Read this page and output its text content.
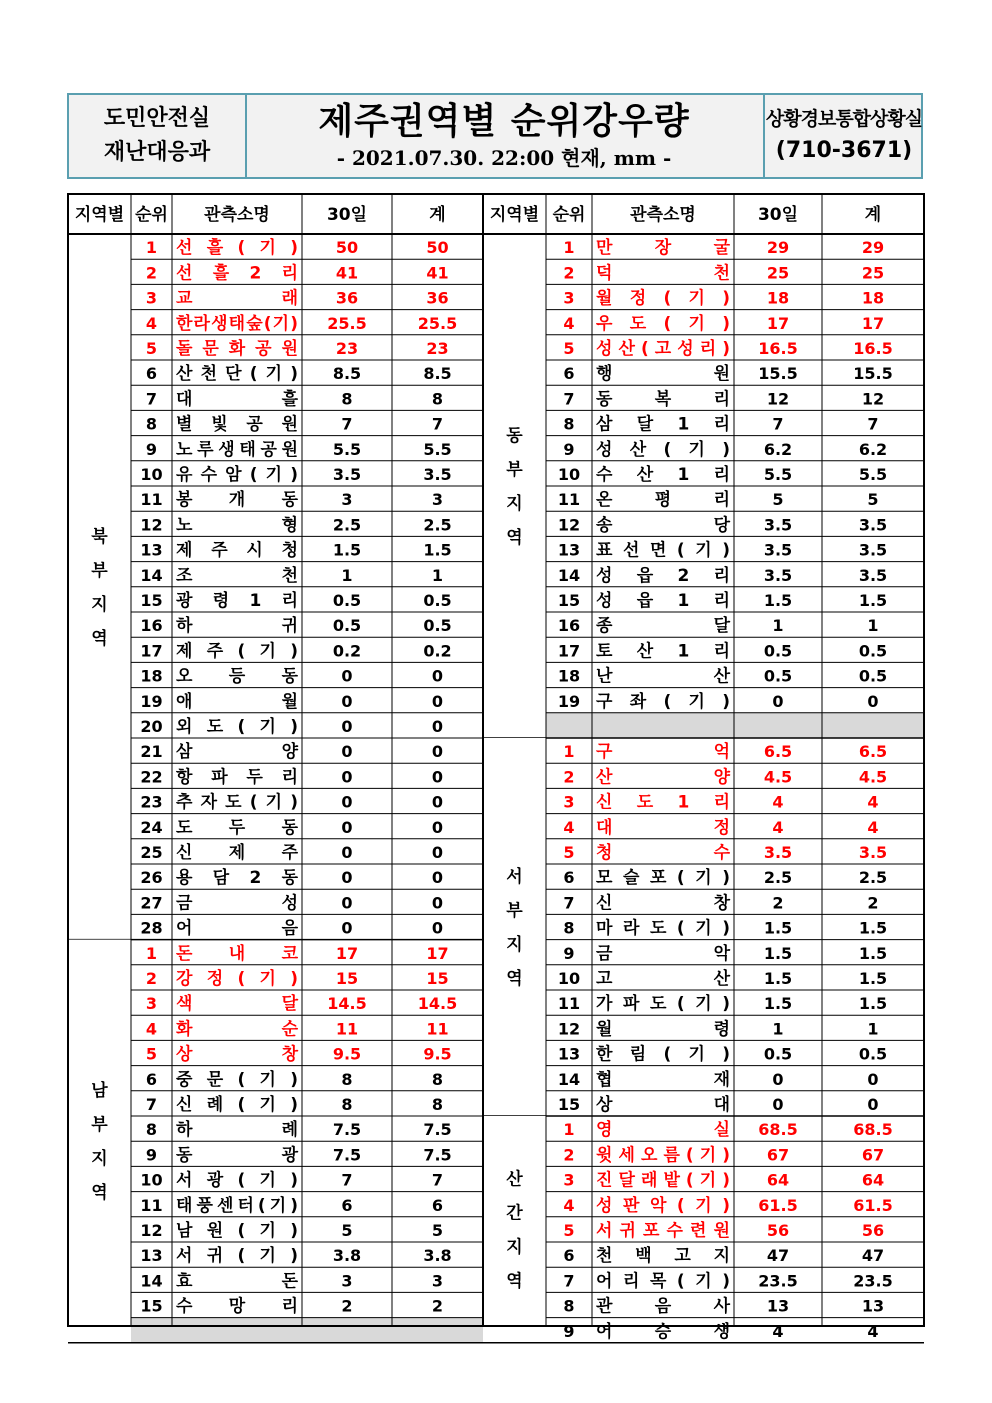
도민안전실
재난대응과
제주권역별 순위강우량
- 2021.07.30. 22:00 현재, mm -
상황경보통합상황실
(710-3671)
북
부
지
역
1 선흘(기) 50	50
2 선흘2리 41	41
3 교래 36	36
4 한라생태숲(기) 25.5	25.5
5 돌문화공원 23	23
6 산천단(기) 8.5	8.5
7 대흘	8	8
8 별빛공원	7	7
9 노루생태공원 5.5	5.5
10 유수암(기) 3.5	3.5
11 봉개동	3	3
12 노형 2.5	2.5
13 제주시청 1.5	1.5
14 조천	1	1
15 광령1리 0.5	0.5
16 하귀 0.5	0.5
17 제주(기) 0.2	0.2
18 오등동	0	0
19 애월	0	0
20 외도(기)	0	0
21 삼양	0	0
22 항파두리	0	0
23 추자도(기)	0	0
24 도두동	0	0
25 신제주	0	0
26 용담2동	0	0
27 금성	0	0
28 어음	0	0
남
부
지
역
1 돈내코 17	17
2 강정(기) 15	15
3 색달 14.5	14.5
4 화순 11	11
5 상창 9.5	9.5
6 중문(기)	8	8
7 신례(기)	8	8
8 하례 7.5	7.5
9 동광 7.5	7.5
10 서광(기)	7	7
11 태풍센터(기)	6	6
12 남원(기)	5	5
13 서귀(기) 3.8	3.8
14 효돈	3	3
15 수망리	2	2
동
부
지
역
1 만장굴 29	29
2 덕천 25	25
3 월정(기) 18	18
4 우도(기) 17	17
5 성산(고성리) 16.5	16.5
6 행원 15.5	15.5
7 동복리 12	12
8 삼달1리	7	7
9 성산(기) 6.2	6.2
10 수산1리 5.5	5.5
11 온평리	5	5
12 송당 3.5	3.5
13 표선면(기) 3.5	3.5
14 성읍2리 3.5	3.5
15 성읍1리 1.5	1.5
16 종달	1	1
17 토산1리 0.5	0.5
18 난산 0.5	0.5
19 구좌(기)	0	0
서
부
지
역
1 구억 6.5	6.5
2 산양 4.5	4.5
3 신도1리	4	4
4 대정	4	4
5 청수 3.5	3.5
6 모슬포(기) 2.5	2.5
7 신창	2	2
8 마라도(기) 1.5	1.5
9 금악 1.5	1.5
10 고산 1.5	1.5
11 가파도(기) 1.5	1.5
12 월령	1	1
13 한림(기) 0.5	0.5
14 협재	0	0
15 상대	0	0
산
간
지
역
1 영실 68.5	68.5
2 윗세오름(기) 67	67
3 진달래밭(기) 64	64
4 성판악(기) 61.5	61.5
5 서귀포수련원 56	56
6 천백고지 47	47
7 어리목(기) 23.5	23.5
8 관음사 13	13
9 어승생	4	4
지역별 순위 관측소명	30일	계	지역별 순위	관측소명	30일	계
